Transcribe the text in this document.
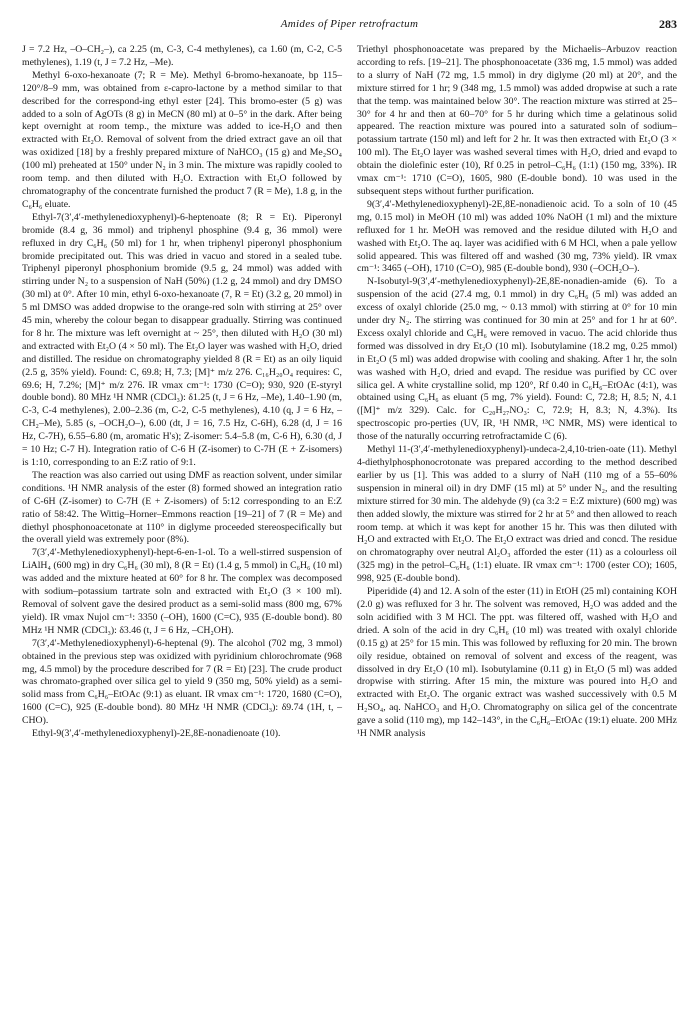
Amides of Piper retrofractum	283

J = 7.2 Hz, –O–CH₂–), ca 2.25 (m, C-3, C-4 methylenes), ca 1.60 (m, C-2, C-5 methylenes), 1.19 (t, J = 7.2 Hz, –Me).

Methyl 6-oxo-hexanoate (7; R = Me). Methyl 6-bromo-hexanoate, bp 115–120°/8–9 mm, was obtained from ε-capro-lactone by a method similar to that described for the correspond-ing ethyl ester [24]. This bromo-ester (5 g) was added to a soln of AgOTs (8 g) in MeCN (80 ml) at 0–5° in the dark. After being kept overnight at room temp., the mixture was added to ice-H₂O and then extracted with Et₂O. Removal of solvent from the dried extract gave an oil that was oxidized [18] by a freshly prepared mixture of NaHCO₃ (15 g) and Me₂SO₄ (100 ml) preheated at 150° under N₂ in 3 min. The mixture was rapidly cooled to room temp. and then diluted with H₂O. Extraction with Et₂O followed by chromatography of the concentrate furnished the product 7 (R = Me), 1.8 g, in the C₆H₆ eluate.

Ethyl-7(3′,4′-methylenedioxyphenyl)-6-heptenoate (8; R = Et). Piperonyl bromide (8.4 g, 36 mmol) and triphenyl phosphine (9.4 g, 36 mmol) were refluxed in dry C₆H₆ (50 ml) for 1 hr, when triphenyl piperonyl phosphonium bromide precipitated out. This was dried in vacuo and stored in a sealed tube. Triphenyl piperonyl phosphonium bromide (9.5 g, 24 mmol) was added with stirring under N₂ to a suspension of NaH (50%) (1.2 g, 24 mmol) and dry DMSO (30 ml) at 0°. After 10 min, ethyl 6-oxo-hexanoate (7, R = Et) (3.2 g, 20 mmol) in 5 ml DMSO was added dropwise to the orange-red soln with stirring at 25° over 45 min, whereby the colour began to disappear gradually. Stirring was continued for 8 hr. The mixture was left overnight at ~ 25°, then diluted with H₂O (30 ml) and extracted with Et₂O (4 × 50 ml). The Et₂O layer was washed with H₂O, dried and distilled. The residue on chromatography yielded 8 (R = Et) as an oily liquid (2.5 g, 35% yield). Found: C, 69.8; H, 7.3; [M]⁺ m/z 276. C₁₆H₂₀O₄ requires: C, 69.6; H, 7.2%; [M]⁺ m/z 276. IR νmax cm⁻¹: 1730 (C=O); 930, 920 (E-styryl double bond). 80 MHz ¹H NMR (CDCl₃): δ1.25 (t, J = 6 Hz, –Me), 1.40–1.90 (m, C-3, C-4 methylenes), 2.00–2.36 (m, C-2, C-5 methylenes), 4.10 (q, J = 6 Hz, –CH₂–Me), 5.85 (s, –OCH₂O–), 6.00 (dt, J = 16, 7.5 Hz, C-6H), 6.28 (d, J = 16 Hz, C-7H), 6.55–6.80 (m, aromatic H's); Z-isomer: 5.4–5.8 (m, C-6 H), 6.30 (d, J = 10 Hz; C-7 H). Integration ratio of C-6 H (Z-isomer) to C-7H (E + Z-isomers) is 1:10, corresponding to an E:Z ratio of 9:1.

The reaction was also carried out using DMF as reaction solvent, under similar conditions. ¹H NMR analysis of the ester (8) formed showed an integration ratio of C-6H (Z-isomer) to C-7H (E + Z-isomers) of 5:12 corresponding to an E:Z ratio of 58:42. The Wittig–Horner–Emmons reaction [19–21] of 7 (R = Me) and diethyl phosphonoacetonate at 110° in diglyme proceeded stereospecifically but the overall yield was extremely poor (8%).

7(3′,4′-Methylenedioxyphenyl)-hept-6-en-1-ol. To a well-stirred suspension of LiAlH₄ (600 mg) in dry C₆H₆ (30 ml), 8 (R = Et) (1.4 g, 5 mmol) in C₆H₆ (10 ml) was added and the mixture heated at 60° for 8 hr. The complex was decomposed with sodium–potassium tartrate soln and extracted with Et₂O (3 × 100 ml). Removal of solvent gave the desired product as a semi-solid mass (800 mg, 67% yield). IR νmax Nujol cm⁻¹: 3350 (–OH), 1600 (C=C), 935 (E-double bond). 80 MHz ¹H NMR (CDCl₃): δ3.46 (t, J = 6 Hz, –CH₂OH).

7(3′,4′-Methylenedioxyphenyl)-6-heptenal (9). The alcohol (702 mg, 3 mmol) obtained in the previous step was oxidized with pyridinium chlorochromate (968 mg, 4.5 mmol) by the procedure described for 7 (R = Et) [23]. The crude product was chromato-graphed over silica gel to yield 9 (350 mg, 50% yield) as a semi-solid mass from C₆H₆–EtOAc (9:1) as eluant. IR νmax cm⁻¹: 1720, 1680 (C=O), 1600 (C=C), 925 (E-double bond). 80 MHz ¹H NMR (CDCl₃): δ9.74 (1H, t, –CHO).

Ethyl-9(3′,4′-methylenedioxyphenyl)-2E,8E-nonadienoate (10).

Triethyl phosphonoacetate was prepared by the Michaelis–Arbuzov reaction according to refs. [19–21]. The phosphonoacetate (336 mg, 1.5 mmol) was added to a slurry of NaH (72 mg, 1.5 mmol) in dry diglyme (20 ml) at 20°, and the mixture stirred for 1 hr; 9 (348 mg, 1.5 mmol) was added dropwise at such a rate that the temp. was maintained below 30°. The reaction mixture was stirred at 25–30° for 4 hr and then at 60–70° for 5 hr during which time a gelatinous solid appeared. The reaction mixture was poured into a saturated soln of sodium–potassium tartrate (150 ml) and left for 2 hr. It was then extracted with Et₂O (3 × 100 ml). The Et₂O layer was washed several times with H₂O, dried and evapd to obtain the diolefinic ester (10), Rf 0.25 in petrol–C₆H₆ (1:1) (150 mg, 33%). IR νmax cm⁻¹: 1710 (C=O), 1605, 980 (E-double bond). 10 was used in the subsequent steps without further purification.

9(3′,4′-Methylenedioxyphenyl)-2E,8E-nonadienoic acid. To a soln of 10 (45 mg, 0.15 mol) in MeOH (10 ml) was added 10% NaOH (1 ml) and the mixture refluxed for 1 hr. MeOH was removed and the residue diluted with H₂O and washed with Et₂O. The aq. layer was acidified with 6 M HCl, when a pale yellow solid appeared. This was filtered off and washed (30 mg, 73% yield). IR νmax cm⁻¹: 3465 (–OH), 1710 (C=O), 985 (E-double bond), 930 (–OCH₂O–).

N-Isobutyl-9(3′,4′-methylenedioxyphenyl)-2E,8E-nonadien-amide (6). To a suspension of the acid (27.4 mg, 0.1 mmol) in dry C₆H₆ (5 ml) was added an excess of oxalyl chloride (25.0 mg, ~ 0.13 mmol) with stirring at 0° for 10 min under dry N₂. The stirring was continued for 30 min at 25° and for 1 hr at 60°. Excess oxalyl chloride and C₆H₆ were removed in vacuo. The acid chloride thus formed was dissolved in dry Et₂O (10 ml). Isobutylamine (18.2 mg, 0.25 mmol) in Et₂O (5 ml) was added dropwise with cooling and shaking. After 1 hr, the soln was washed with H₂O, dried and evapd. The residue was purified by CC over silica gel. A white crystalline solid, mp 120°, Rf 0.40 in C₆H₆–EtOAc (4:1), was obtained using C₆H₆ as eluant (5 mg, 7% yield). Found: C, 72.8; H, 8.5; N, 4.1 ([M]⁺ m/z 329). Calc. for C₂₀H₂₇NO₃: C, 72.9; H, 8.3; N, 4.3%). Its spectroscopic pro-perties (UV, IR, ¹H NMR, ¹³C NMR, MS) were identical to those of the naturally occurring retrofractamide C (6).

Methyl 11-(3′,4′-methylenedioxyphenyl)-undeca-2,4,10-trien-oate (11). Methyl 4-diethylphosphonocrotonate was prepared according to the method described earlier by us [1]. This was added to a slurry of NaH (110 mg of a 55–60% suspension in mineral oil) in dry DMF (15 ml) at 5° under N₂, and the resulting mixture stirred for 30 min. The aldehyde (9) (ca 3:2 = E:Z mixture) (600 mg) was then added slowly, the mixture was stirred for 2 hr at 5° and then allowed to reach room temp. at which it was kept for another 15 hr. This was then diluted with H₂O and extracted with Et₂O. The Et₂O extract was dried and concd. The residue on chromatography over neutral Al₂O₃ afforded the ester (11) as a colourless oil (325 mg) in the petrol–C₆H₆ (1:1) eluate. IR νmax cm⁻¹: 1700 (ester CO); 1605, 998, 925 (E-double bond).

Piperidide (4) and 12. A soln of the ester (11) in EtOH (25 ml) containing KOH (2.0 g) was refluxed for 3 hr. The solvent was removed, H₂O was added and the soln acidified with 3 M HCl. The ppt. was filtered off, washed with H₂O and dried. A soln of the acid in dry C₆H₆ (10 ml) was treated with oxalyl chloride (0.15 g) at 25° for 15 min. This was followed by refluxing for 20 min. The brown oily residue, obtained on removal of solvent and excess of the reagent, was dissolved in dry Et₂O (10 ml). Isobutylamine (0.11 g) in Et₂O (5 ml) was added dropwise with stirring. After 15 min, the mixture was poured into H₂O and extracted with Et₂O. The organic extract was washed successively with 0.5 M H₂SO₄, aq. NaHCO₃ and H₂O. Chromatography on silica gel of the concentrate gave a solid (110 mg), mp 142–143°, in the C₆H₆–EtOAc (19:1) eluate. 200 MHz ¹H NMR analysis
